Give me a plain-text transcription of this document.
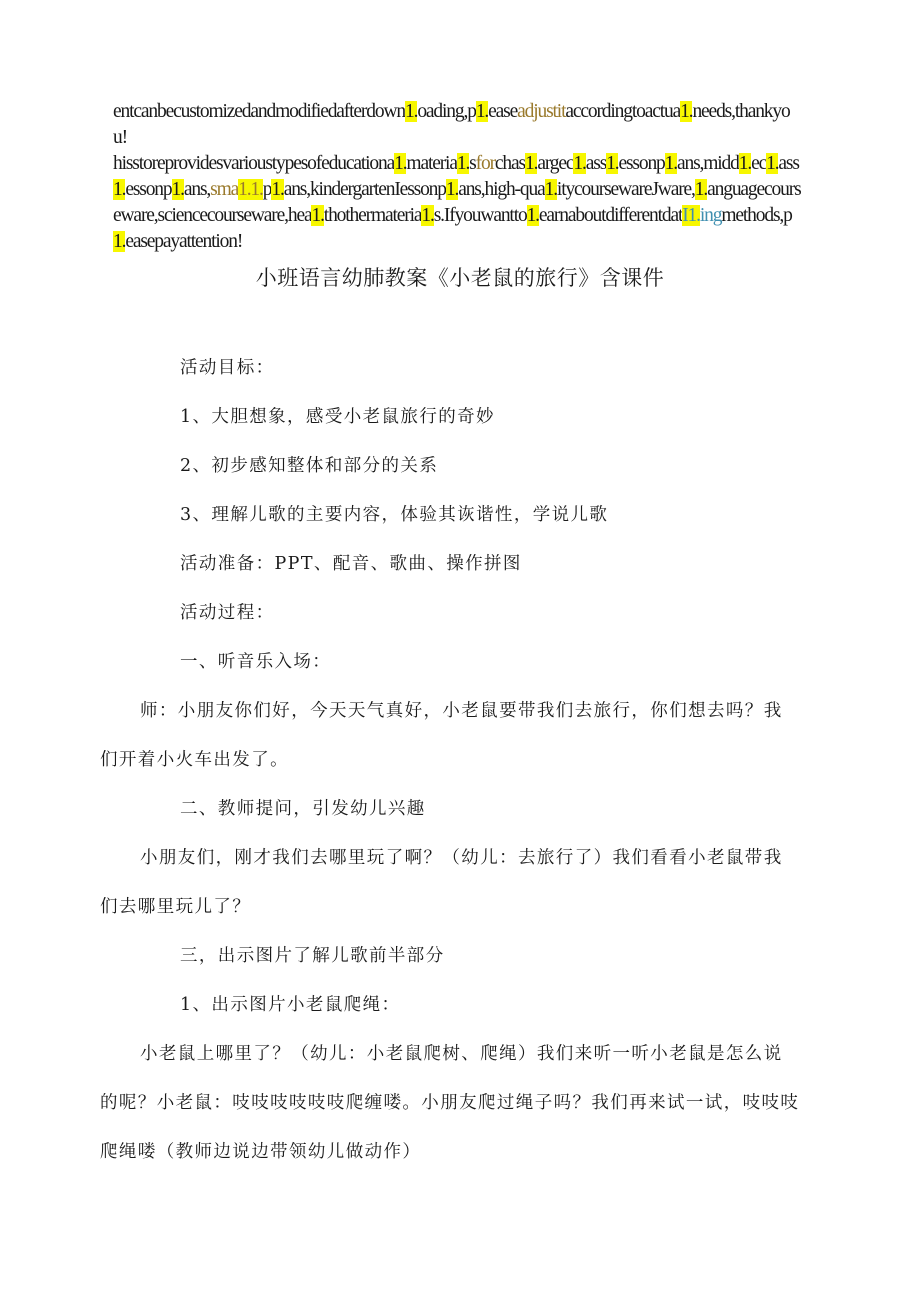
entcanbecustomizedandmodifiedafterdown1.oading,p1.easeadjustitaccordingtoactua1.needs,thankyou!

hisstoreprovidesvarioustypesofeducationa1.materia1.sforchas1.argec1.ass1.essonp1.ans,midd1.ec1.ass1.essonp1.ans,sma1.1.p1.ans,kindergartenIessonp1.ans,high-qua1.itycoursewareJware,1.anguagecourseware,sciencecourseware,hea1.thothermateria1.s.Ifyouwantto1.earnaboutdifferentdatI1.ingmethods,p1.easepayattention!

小班语言幼肺教案《小老鼠的旅行》含课件

活动目标：

1、大胆想象，感受小老鼠旅行的奇妙

2、初步感知整体和部分的关系

3、理解儿歌的主要内容，体验其诙谐性，学说儿歌

活动准备：PPT、配音、歌曲、操作拼图

活动过程：

一、听音乐入场：

师：小朋友你们好，今天天气真好，小老鼠要带我们去旅行，你们想去吗？我们开着小火车出发了。

二、教师提问，引发幼儿兴趣

小朋友们，刚才我们去哪里玩了啊？（幼儿：去旅行了）我们看看小老鼠带我们去哪里玩儿了？

三，出示图片了解儿歌前半部分

1、出示图片小老鼠爬绳：

小老鼠上哪里了？（幼儿：小老鼠爬树、爬绳）我们来听一听小老鼠是怎么说的呢？小老鼠：吱吱吱吱吱吱爬缠喽。小朋友爬过绳子吗？我们再来试一试，吱吱吱爬绳喽（教师边说边带领幼儿做动作）
